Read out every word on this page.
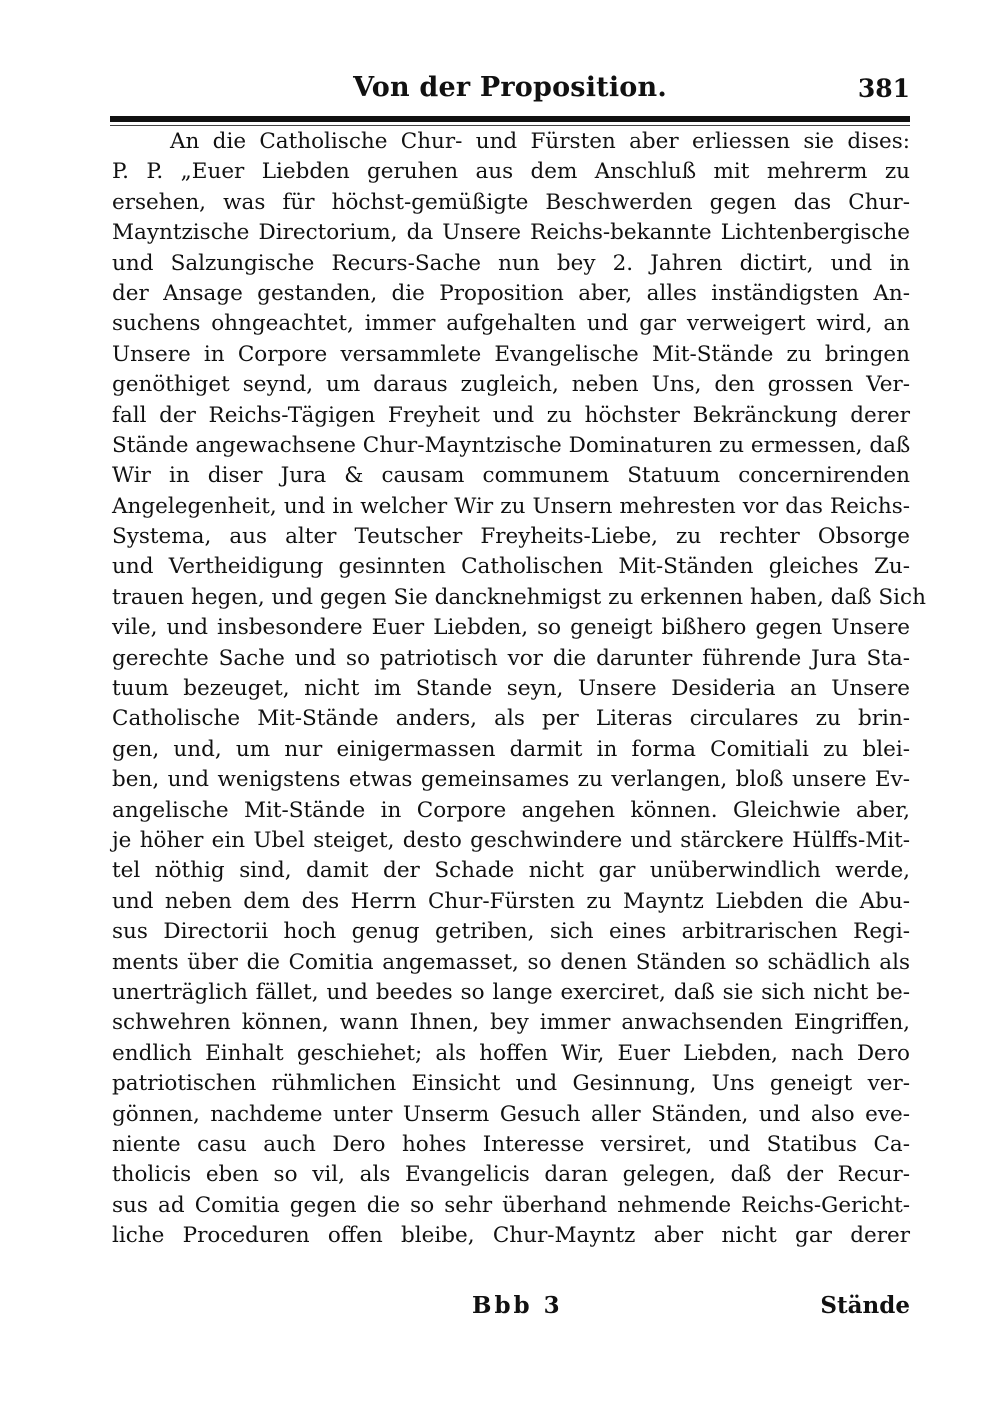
Von der Proposition.	381
An die Catholische Chur- und Fürsten aber erliessen sie dises:
P. P. „Euer Liebden geruhen aus dem Anschluß mit mehrerm zu
ersehen, was für höchst-gemüßigte Beschwerden gegen das Chur-
Mayntzische Directorium, da Unsere Reichs-bekannte Lichtenbergische
und Salzungische Recurs-Sache nun bey 2. Jahren dictirt, und in
der Ansage gestanden, die Proposition aber, alles inständigsten An-
suchens ohngeachtet, immer aufgehalten und gar verweigert wird, an
Unsere in Corpore versammlete Evangelische Mit-Stände zu bringen
genöthiget seynd, um daraus zugleich, neben Uns, den grossen Ver-
fall der Reichs-Tägigen Freyheit und zu höchster Bekränckung derer
Stände angewachsene Chur-Mayntzische Dominaturen zu ermessen, daß
Wir in diser Jura & causam communem Statuum concernirenden
Angelegenheit, und in welcher Wir zu Unsern mehresten vor das Reichs-
Systema, aus alter Teutscher Freyheits-Liebe, zu rechter Obsorge
und Vertheidigung gesinnten Catholischen Mit-Ständen gleiches Zu-
trauen hegen, und gegen Sie dancknehmigst zu erkennen haben, daß Sich
vile, und insbesondere Euer Liebden, so geneigt bißhero gegen Unsere
gerechte Sache und so patriotisch vor die darunter führende Jura Sta-
tuum bezeuget, nicht im Stande seyn, Unsere Desideria an Unsere
Catholische Mit-Stände anders, als per Literas circulares zu brin-
gen, und, um nur einigermassen darmit in forma Comitiali zu blei-
ben, und wenigstens etwas gemeinsames zu verlangen, bloß unsere Ev-
angelische Mit-Stände in Corpore angehen können. Gleichwie aber,
je höher ein Ubel steiget, desto geschwindere und stärckere Hülffs-Mit-
tel nöthig sind, damit der Schade nicht gar unüberwindlich werde,
und neben dem des Herrn Chur-Fürsten zu Mayntz Liebden die Abu-
sus Directorii hoch genug getriben, sich eines arbitrarischen Regi-
ments über die Comitia angemasset, so denen Ständen so schädlich als
unerträglich fället, und beedes so lange exerciret, daß sie sich nicht be-
schwehren können, wann Ihnen, bey immer anwachsenden Eingriffen,
endlich Einhalt geschiehet; als hoffen Wir, Euer Liebden, nach Dero
patriotischen rühmlichen Einsicht und Gesinnung, Uns geneigt ver-
gönnen, nachdeme unter Unserm Gesuch aller Ständen, und also eve-
niente casu auch Dero hohes Interesse versiret, und Statibus Ca-
tholicis eben so vil, als Evangelicis daran gelegen, daß der Recur-
sus ad Comitia gegen die so sehr überhand nehmende Reichs-Gericht-
liche Proceduren offen bleibe, Chur-Mayntz aber nicht gar derer
Bbb 3	Stände
